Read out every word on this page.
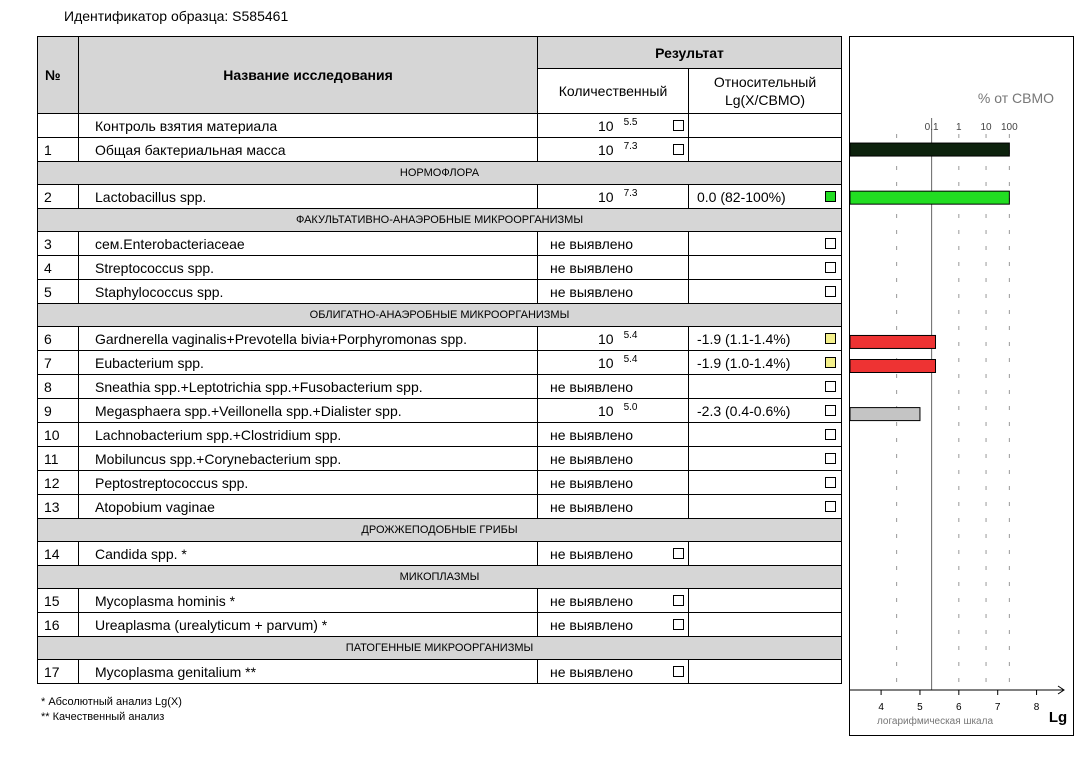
Идентификатор образца: S585461
№	Название исследования	Результат	
		Количественный	Относительный Lg(X/СВМО)
	Контроль взятия материала	10 $^{5.5}$

1	Общая бактериальная масса	10 $^{7.3}$

НОРМОФЛОРА			
2	Lactobacillus spp.	10 $^{7.3}$	0.0 (82-100%)

ФАКУЛЬТАТИВНО-АНАЭРОБНЫЕ МИКРООРГАНИЗМЫ			
3	сем.Enterobacteriaceae	не выявлено	

4	Streptococcus spp.	не выявлено	

5	Staphylococcus spp.	не выявлено	

ОБЛИГАТНО-АНАЭРОБНЫЕ МИКРООРГАНИЗМЫ			
6	Gardnerella vaginalis+Prevotella bivia+Porphyromonas spp.	10 $^{5.4}$	-1.9 (1.1-1.4%)

7	Eubacterium spp.	10 $^{5.4}$	-1.9 (1.0-1.4%)

8	Sneathia spp.+Leptotrichia spp.+Fusobacterium spp.	не выявлено	

9	Megasphaera spp.+Veillonella spp.+Dialister spp.	10 $^{5.0}$	-2.3 (0.4-0.6%)

10	Lachnobacterium spp.+Clostridium spp.	не выявлено	

11	Mobiluncus spp.+Corynebacterium spp.	не выявлено	

12	Peptostreptococcus spp.	не выявлено	

13	Atopobium vaginae	не выявлено	

ДРОЖЖЕПОДОБНЫЕ ГРИБЫ			
14	Candida spp. *	не выявлено

МИКОПЛАЗМЫ			
15	Mycoplasma hominis *	не выявлено

16	Ureaplasma (urealyticum + parvum) *	не выявлено

ПАТОГЕННЫЕ МИКРООРГАНИЗМЫ			
17	Mycoplasma genitalium **	не выявлено

% от СВМО
0.1 1 10 100
4	5	6	7	8
логарифмическая шкала	Lg
* Абсолютный анализ Lg(X)
** Качественный анализ
